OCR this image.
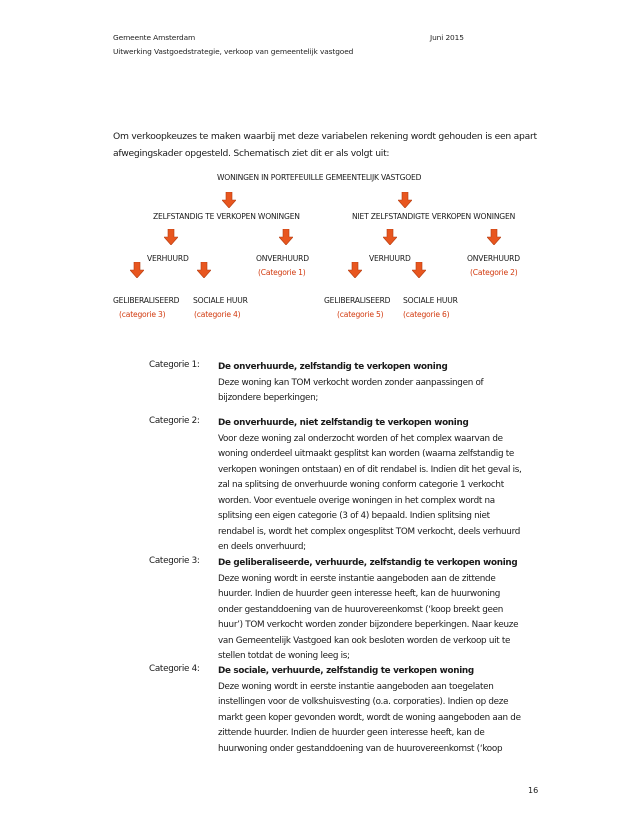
Gemeente Amsterdam	Juni 2015
Uitwerking Vastgoedstrategie, verkoop van gemeentelijk vastgoed
Om verkoopkeuzes te maken waarbij met deze variabelen rekening wordt gehouden is een apart
afwegingskader opgesteld. Schematisch ziet dit er als volgt uit:
WONINGEN IN PORTEFEUILLE GEMEENTELIJK VASTGOED
ZELFSTANDIG TE VERKOPEN WONINGEN	NIET ZELFSTANDIGTE VERKOPEN WONINGEN
VERHUURD	ONVERHUURD
(Categorie 1)
VERHUURD	ONVERHUURD
(Categorie 2)
GELIBERALISEERD
(categorie 3)
SOCIALE HUUR
(categorie 4)
GELIBERALISEERD
(categorie 5)
SOCIALE HUUR
(categorie 6)
Categorie 1: De onverhuurde, zelfstandig te verkopen woning
Deze woning kan TOM verkocht worden zonder aanpassingen of
bijzondere beperkingen;
Categorie 2: De onverhuurde, niet zelfstandig te verkopen woning
Voor deze woning zal onderzocht worden of het complex waarvan de
woning onderdeel uitmaakt gesplitst kan worden (waarna zelfstandig te
verkopen woningen ontstaan) en of dit rendabel is. Indien dit het geval is,
zal na splitsing de onverhuurde woning conform categorie 1 verkocht
worden. Voor eventuele overige woningen in het complex wordt na
splitsing een eigen categorie (3 of 4) bepaald. Indien splitsing niet
rendabel is, wordt het complex ongesplitst TOM verkocht, deels verhuurd
en deels onverhuurd;
Categorie 3: De geliberaliseerde, verhuurde, zelfstandig te verkopen woning
Deze woning wordt in eerste instantie aangeboden aan de zittende
huurder. Indien de huurder geen interesse heeft, kan de huurwoning
onder gestanddoening van de huurovereenkomst (‘koop breekt geen
huur’) TOM verkocht worden zonder bijzondere beperkingen. Naar keuze
van Gemeentelijk Vastgoed kan ook besloten worden de verkoop uit te
stellen totdat de woning leeg is;
Categorie 4: De sociale, verhuurde, zelfstandig te verkopen woning
Deze woning wordt in eerste instantie aangeboden aan toegelaten
instellingen voor de volkshuisvesting (o.a. corporaties). Indien op deze
markt geen koper gevonden wordt, wordt de woning aangeboden aan de
zittende huurder. Indien de huurder geen interesse heeft, kan de
huurwoning onder gestanddoening van de huurovereenkomst (‘koop
16
